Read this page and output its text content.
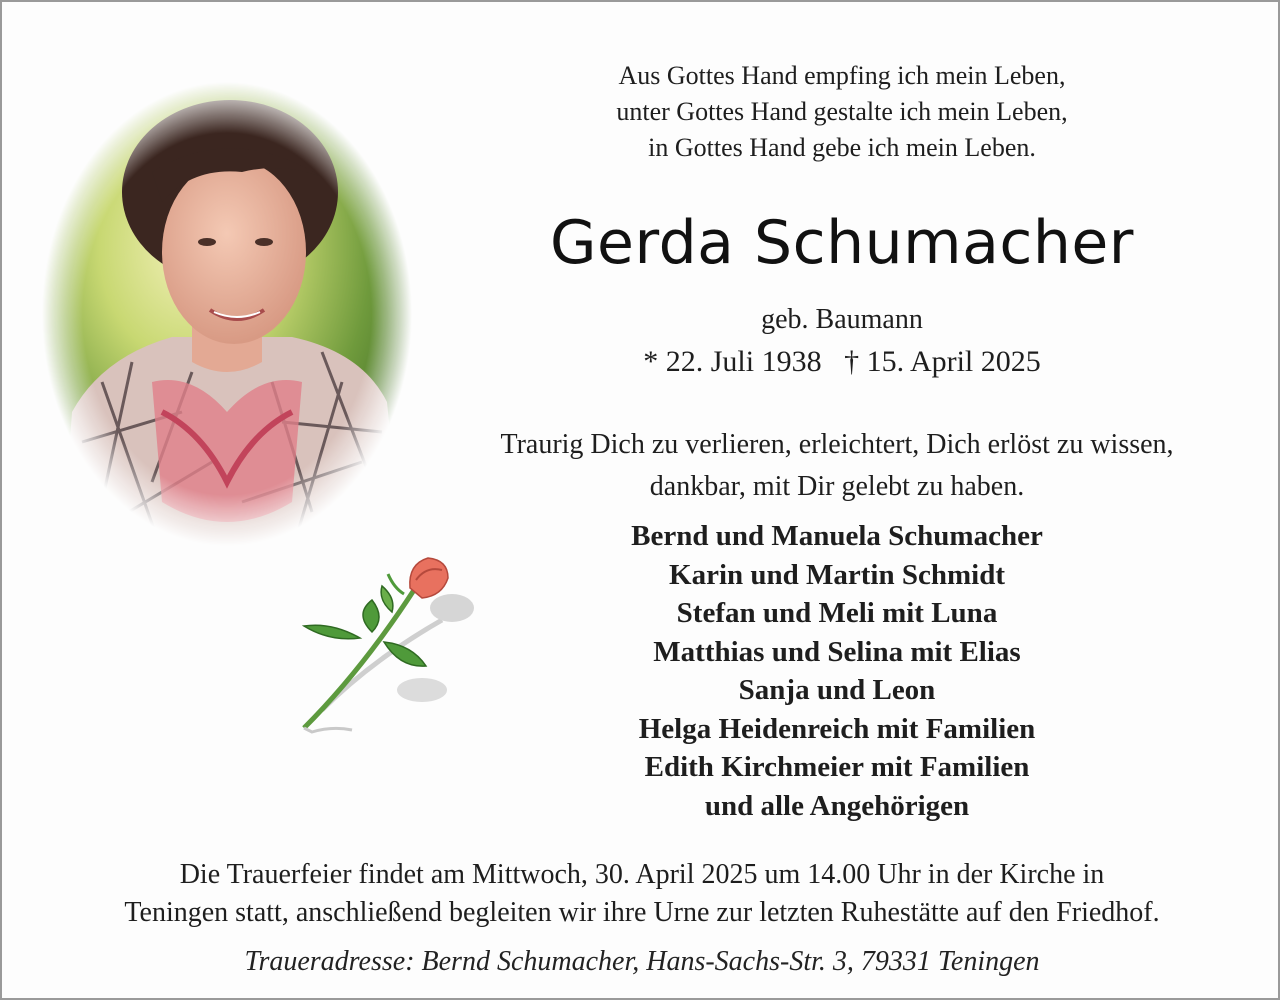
Aus Gottes Hand empfing ich mein Leben,
unter Gottes Hand gestalte ich mein Leben,
in Gottes Hand gebe ich mein Leben.
Gerda Schumacher
geb. Baumann
* 22. Juli 1938 † 15. April 2025
Traurig Dich zu verlieren, erleichtert, Dich erlöst zu wissen,
dankbar, mit Dir gelebt zu haben.
Bernd und Manuela Schumacher
Karin und Martin Schmidt
Stefan und Meli mit Luna
Matthias und Selina mit Elias
Sanja und Leon
Helga Heidenreich mit Familien
Edith Kirchmeier mit Familien
und alle Angehörigen
Die Trauerfeier findet am Mittwoch, 30. April 2025 um 14.00 Uhr in der Kirche in
Teningen statt, anschließend begleiten wir ihre Urne zur letzten Ruhestätte auf den Friedhof.
Traueradresse: Bernd Schumacher, Hans-Sachs-Str. 3, 79331 Teningen
